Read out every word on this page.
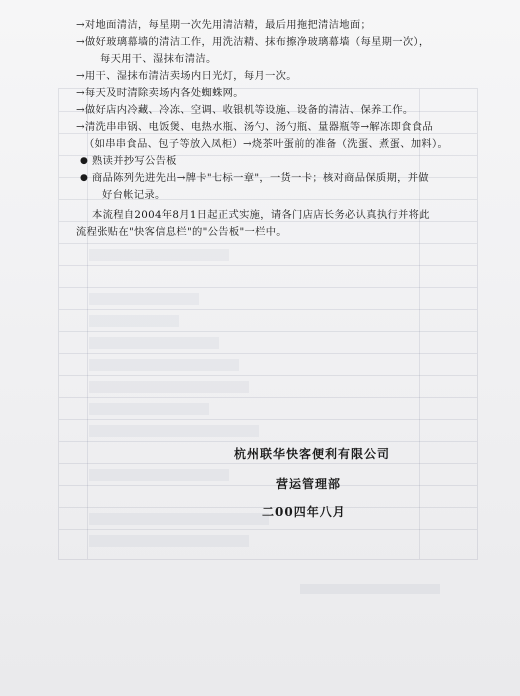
→对地面清洁，每星期一次先用清洁精，最后用拖把清洁地面；
→做好玻璃幕墙的清洁工作，用洗洁精、抹布擦净玻璃幕墙（每星期一次），
每天用干、湿抹布清洁。
→用干、湿抹布清洁卖场内日光灯，每月一次。
→每天及时清除卖场内各处蜘蛛网。
→做好店内冷藏、冷冻、空调、收银机等设施、设备的清洁、保养工作。
→清洗串串锅、电饭煲、电热水瓶、汤勺、汤勺瓶、量器瓶等→解冻即食食品
（如串串食品、包子等放入凤柜）→烧茶叶蛋前的准备（洗蛋、煮蛋、加料）。
● 熟读并抄写公告板
● 商品陈列先进先出→牌卡"七标一章"，一货一卡；核对商品保质期，并做
好台帐记录。
本流程自2004年8月1日起正式实施，请各门店店长务必认真执行并将此
流程张贴在"快客信息栏"的"公告板"一栏中。
杭州联华快客便利有限公司
营运管理部
二00四年八月
